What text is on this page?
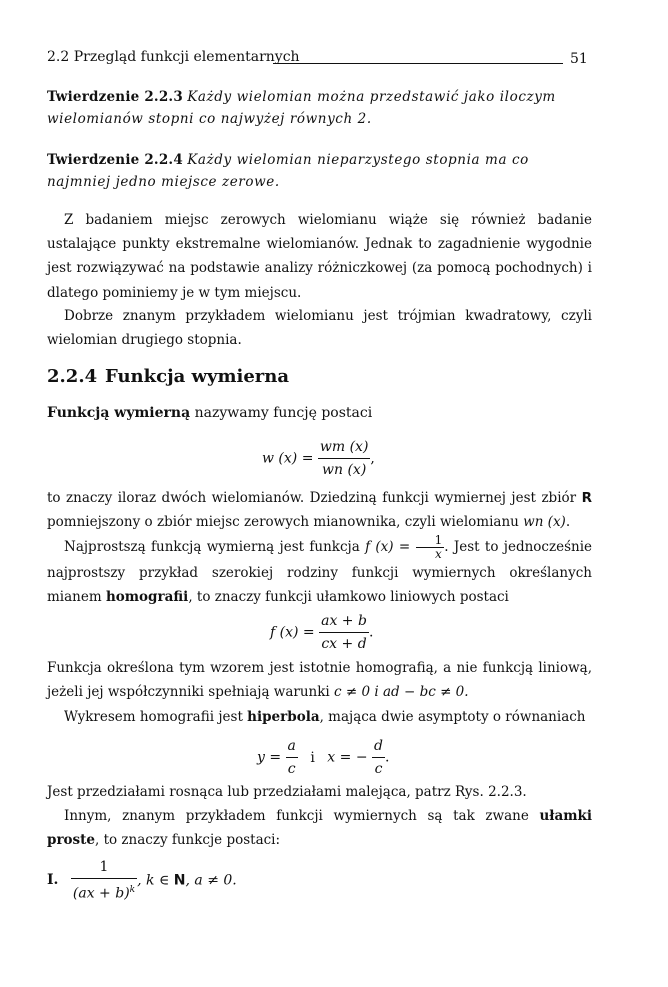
2.2 Przegląd funkcji elementarnych	51
Twierdzenie 2.2.3 Każdy wielomian można przedstawić jako iloczym wielomianów stopni co najwyżej równych 2.
Twierdzenie 2.2.4 Każdy wielomian nieparzystego stopnia ma co najmniej jedno miejsce zerowe.
Z badaniem miejsc zerowych wielomianu wiąże się również badanie ustalające punkty ekstremalne wielomianów. Jednak to zagadnienie wygodnie jest rozwiązywać na podstawie analizy różniczkowej (za pomocą pochodnych) i dlatego pominiemy je w tym miejscu.
Dobrze znanym przykładem wielomianu jest trójmian kwadratowy, czyli wielomian drugiego stopnia.
2.2.4 Funkcja wymierna
Funkcją wymierną nazywamy funcję postaci
w $(x) = \frac{wm (x)}{wn (x)}$ ,
to znaczy iloraz dwóch wielomianów. Dziedziną funkcji wymiernej jest zbiór R pomniejszony o zbiór miejsc zerowych mianownika, czyli wielomianu wn (x).
Najprostszą funkcją wymierną jest funkcja f $(x) = \frac{1}{x}$ . Jest to jednocześnie najprostszy przykład szerokiej rodziny funkcji wymiernych określanych mianem homografii, to znaczy funkcji ułamkowo liniowych postaci
f $(x) = \frac{ax + b}{cx + d}$ .
Funkcja określona tym wzorem jest istotnie homografią, a nie funkcją liniową, jeżeli jej współczynniki spełniają warunki c ≠ 0 i ad − bc ≠ 0.
Wykresem homografii jest hiperbola, mająca dwie asymptoty o równaniach
$y = \frac{a}{c}$ i x = − $\frac{d}{c}$ .
Jest przedziałami rosnąca lub przedziałami malejąca, patrz Rys. 2.2.3.
Innym, znanym przykładem funkcji wymiernych są tak zwane ułamki proste, to znaczy funkcje postaci:
I. $\frac{1}{(ax + b)^k}$ , k ∈ N, a ≠ 0.
